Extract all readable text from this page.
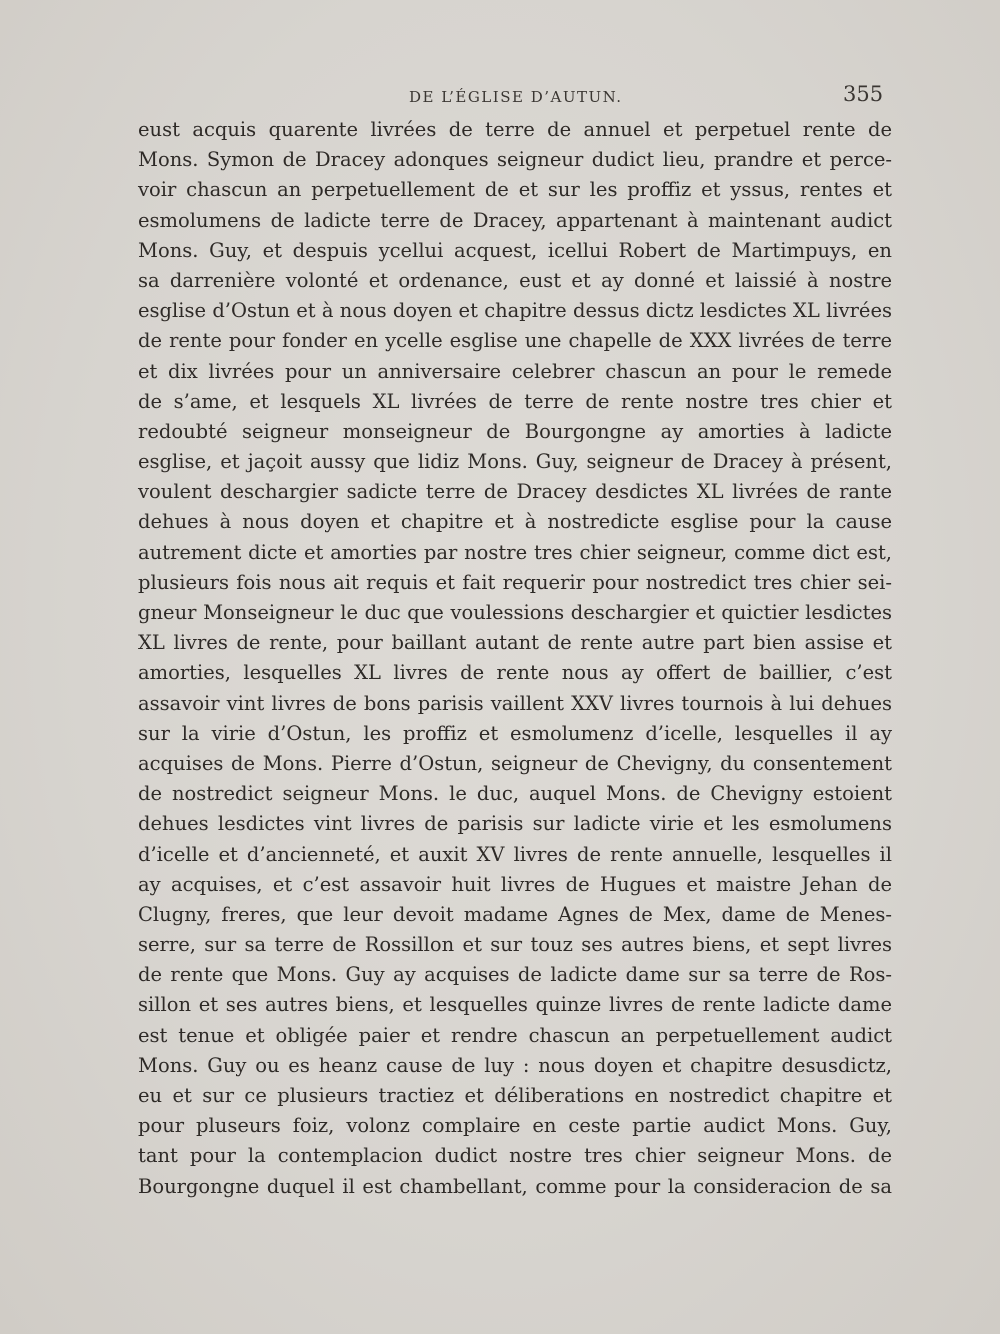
DE L’ÉGLISE D’AUTUN.	355
eust acquis quarente livrées de terre de annuel et perpetuel rente de
Mons. Symon de Dracey adonques seigneur dudict lieu, prandre et perce-
voir chascun an perpetuellement de et sur les proffiz et yssus, rentes et
esmolumens de ladicte terre de Dracey, appartenant à maintenant audict
Mons. Guy, et despuis ycellui acquest, icellui Robert de Martimpuys, en
sa darrenière volonté et ordenance, eust et ay donné et laissié à nostre
esglise d’Ostun et à nous doyen et chapitre dessus dictz lesdictes XL livrées
de rente pour fonder en ycelle esglise une chapelle de XXX livrées de terre
et dix livrées pour un anniversaire celebrer chascun an pour le remede
de s’ame, et lesquels XL livrées de terre de rente nostre tres chier et
redoubté seigneur monseigneur de Bourgongne ay amorties à ladicte
esglise, et jaçoit aussy que lidiz Mons. Guy, seigneur de Dracey à présent,
voulent deschargier sadicte terre de Dracey desdictes XL livrées de rante
dehues à nous doyen et chapitre et à nostredicte esglise pour la cause
autrement dicte et amorties par nostre tres chier seigneur, comme dict est,
plusieurs fois nous ait requis et fait requerir pour nostredict tres chier sei-
gneur Monseigneur le duc que voulessions deschargier et quictier lesdictes
XL livres de rente, pour baillant autant de rente autre part bien assise et
amorties, lesquelles XL livres de rente nous ay offert de baillier, c’est
assavoir vint livres de bons parisis vaillent XXV livres tournois à lui dehues
sur la virie d’Ostun, les proffiz et esmolumenz d’icelle, lesquelles il ay
acquises de Mons. Pierre d’Ostun, seigneur de Chevigny, du consentement
de nostredict seigneur Mons. le duc, auquel Mons. de Chevigny estoient
dehues lesdictes vint livres de parisis sur ladicte virie et les esmolumens
d’icelle et d’ancienneté, et auxit XV livres de rente annuelle, lesquelles il
ay acquises, et c’est assavoir huit livres de Hugues et maistre Jehan de
Clugny, freres, que leur devoit madame Agnes de Mex, dame de Menes-
serre, sur sa terre de Rossillon et sur touz ses autres biens, et sept livres
de rente que Mons. Guy ay acquises de ladicte dame sur sa terre de Ros-
sillon et ses autres biens, et lesquelles quinze livres de rente ladicte dame
est tenue et obligée paier et rendre chascun an perpetuellement audict
Mons. Guy ou es heanz cause de luy : nous doyen et chapitre desusdictz,
eu et sur ce plusieurs tractiez et déliberations en nostredict chapitre et
pour pluseurs foiz, volonz complaire en ceste partie audict Mons. Guy,
tant pour la contemplacion dudict nostre tres chier seigneur Mons. de
Bourgongne duquel il est chambellant, comme pour la consideracion de sa
